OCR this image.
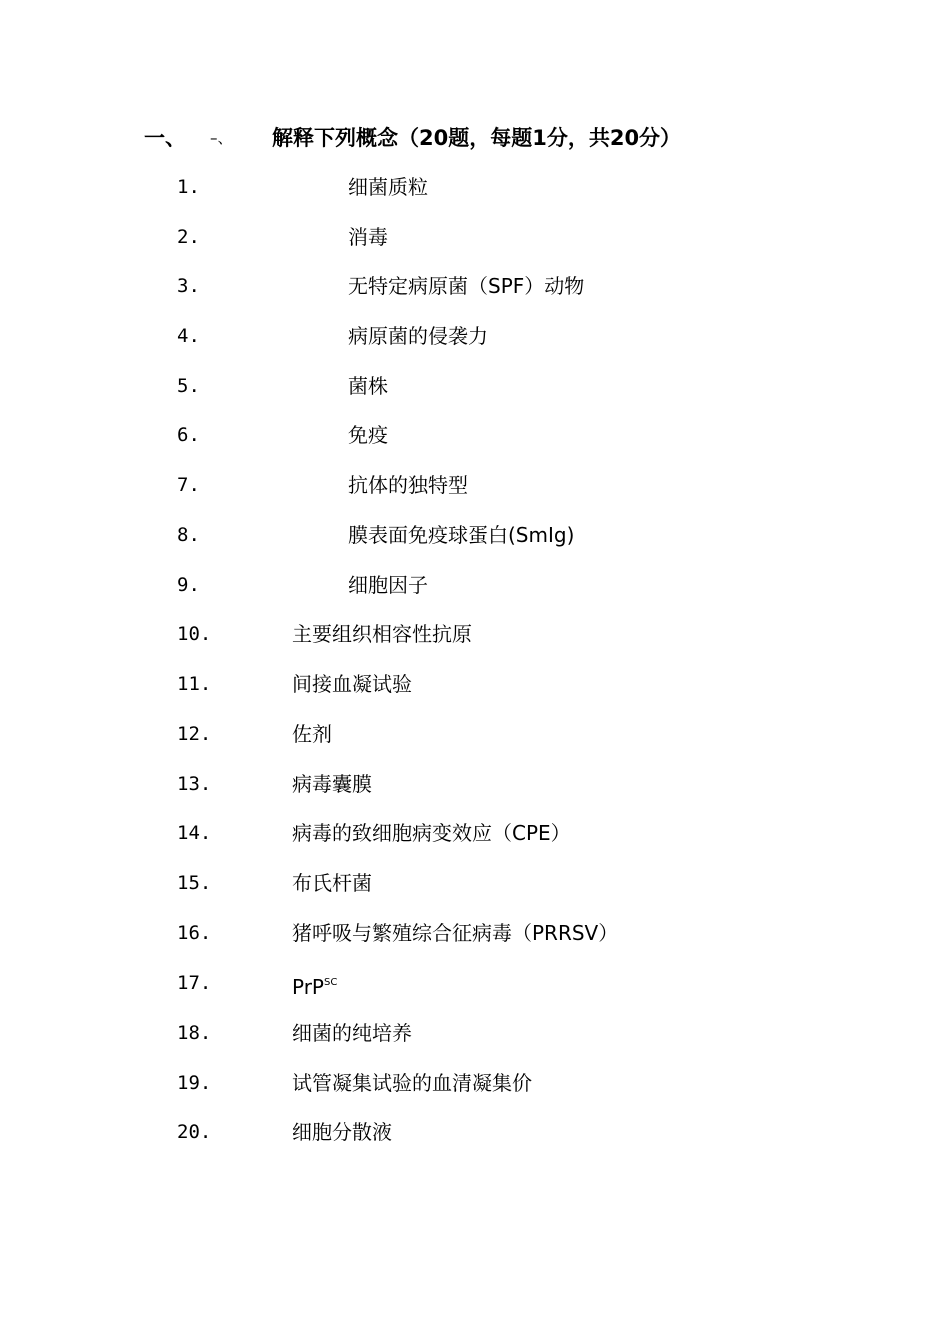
一、 –、 解释下列概念（20题，每题1分，共20分）
1.	细菌质粒
2.	消毒
3.	无特定病原菌（SPF）动物
4.	病原菌的侵袭力
5.	菌株
6.	免疫
7.	抗体的独特型
8.	膜表面免疫球蛋白(SmIg)
9.	细胞因子
10.	主要组织相容性抗原
11.	间接血凝试验
12.	佐剂
13.	病毒囊膜
14.	病毒的致细胞病变效应（CPE）
15.	布氏杆菌
16.	猪呼吸与繁殖综合征病毒（PRRSV）
17.	PrP$^{SC}$
18.	细菌的纯培养
19.	试管凝集试验的血清凝集价
20.	细胞分散液
